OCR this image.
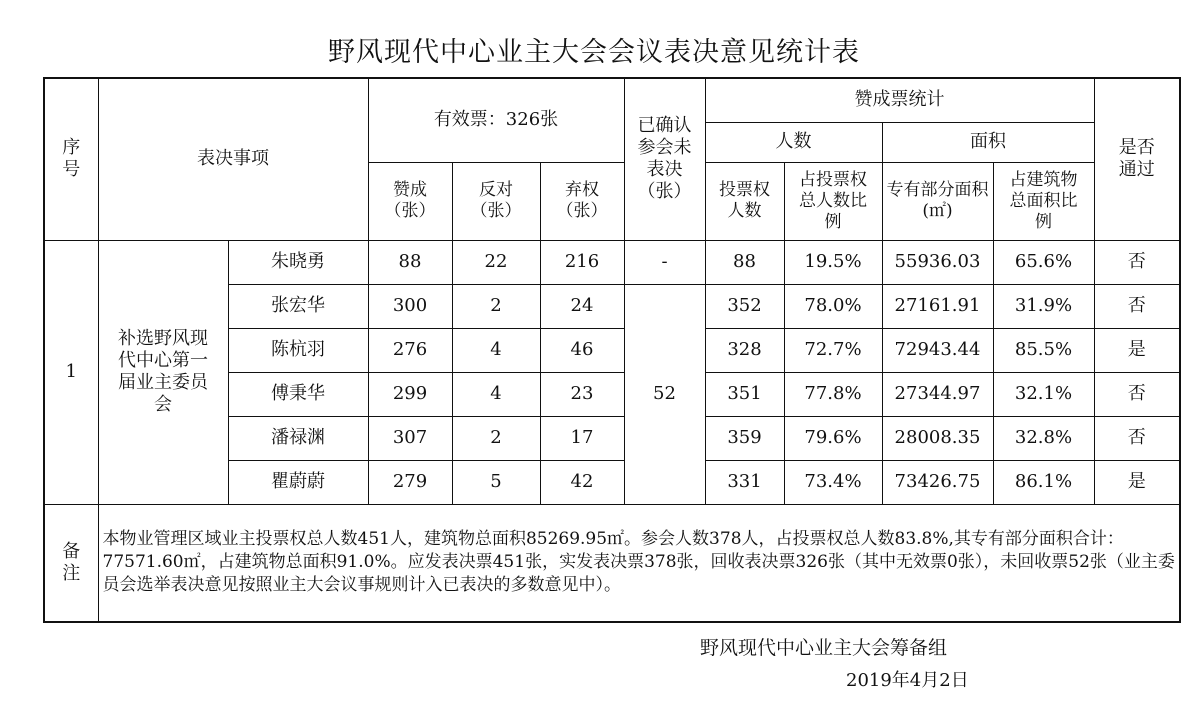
野风现代中心业主大会会议表决意见统计表
序号	表决事项		有效票：326张			已确认参会未表决（张）	赞成票统计				是否通过
							人数		面积		
			赞成（张）	反对（张）	弃权（张）		投票权人数	占投票权总人数比例	专有部分面积(㎡)	占建筑物总面积比例	
1	补选野风现代中心第一届业主委员会	朱晓勇	88	22	216	-	88	19.5%	55936.03	65.6%	否
		张宏华	300	2	24	52	352	78.0%	27161.91	31.9%	否
		陈杭羽	276	4	46		328	72.7%	72943.44	85.5%	是
		傅秉华	299	4	23		351	77.8%	27344.97	32.1%	否
		潘禄渊	307	2	17		359	79.6%	28008.35	32.8%	否
		瞿蔚蔚	279	5	42		331	73.4%	73426.75	86.1%	是
备注	本物业管理区域业主投票权总人数451人，建筑物总面积85269.95㎡。参会人数378人，占投票权总人数83.8%,其专有部分面积合计：77571.60㎡，占建筑物总面积91.0%。应发表决票451张，实发表决票378张，回收表决票326张（其中无效票0张），未回收票52张（业主委员会选举表决意见按照业主大会议事规则计入已表决的多数意见中）。										
野风现代中心业主大会筹备组
2019年4月2日
